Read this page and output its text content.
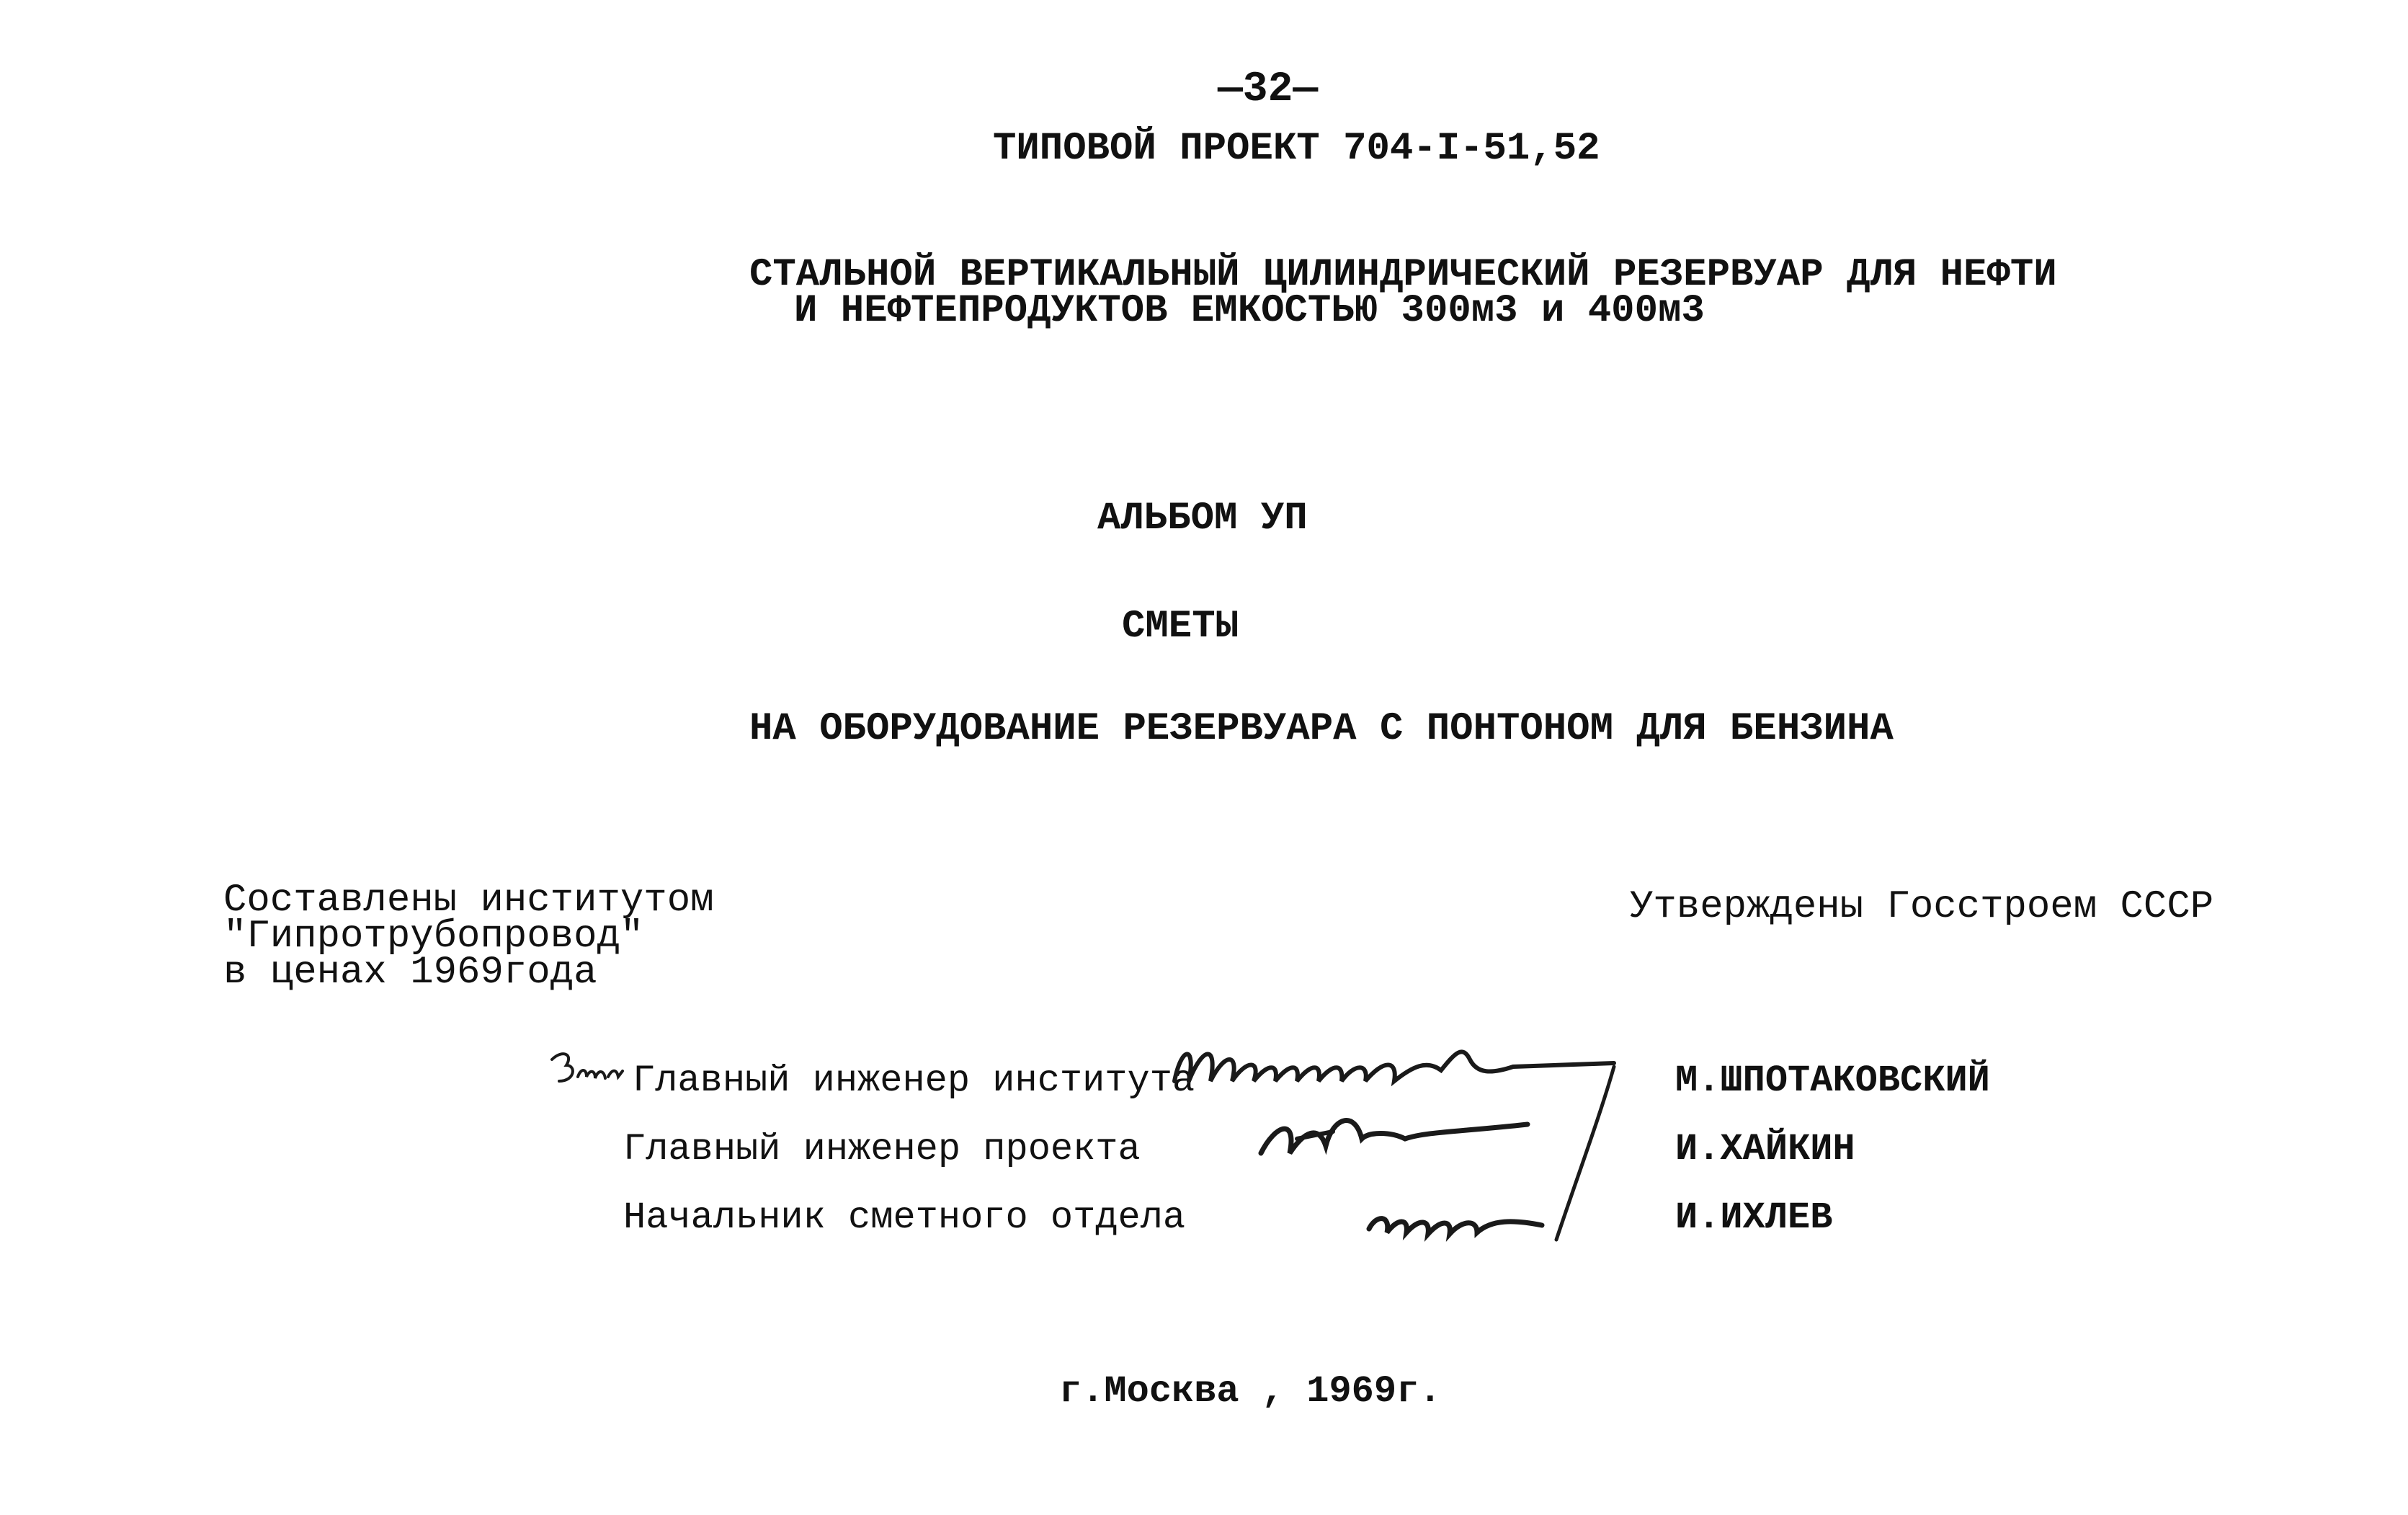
—32—
ТИПОВОЙ ПРОЕКТ 704-I-51,52
СТАЛЬНОЙ ВЕРТИКАЛЬНЫЙ ЦИЛИНДРИЧЕСКИЙ РЕЗЕРВУАР ДЛЯ НЕФТИ
И НЕФТЕПРОДУКТОВ ЕМКОСТЬЮ 300м3 и 400м3
АЛЬБОМ УП
СМЕТЫ
НА ОБОРУДОВАНИЕ РЕЗЕРВУАРА С ПОНТОНОМ ДЛЯ БЕНЗИНА
Составлены институтом
"Гипротрубопровод"
в ценах 1969года
Утверждены Госстроем СССР
Главный инженер института
Главный инженер проекта
Начальник сметного отдела
М.ШПОТАКОВСКИЙ
И.ХАЙКИН
И.ИХЛЕВ
г.Москва , 1969г.
